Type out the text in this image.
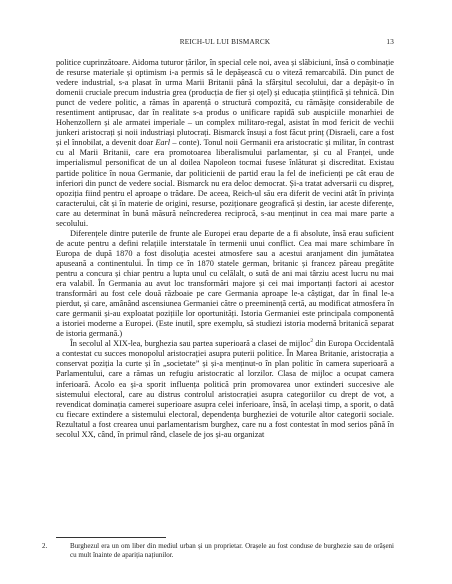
REICH-UL LUI BISMARCK	13

politice cuprinzătoare. Aidoma tuturor țărilor, în special cele noi, avea și slăbiciuni, însă o combinație de resurse materiale și optimism i-a permis să le depășească cu o viteză remarcabilă. Din punct de vedere industrial, s-a plasat în urma Marii Britanii până la sfârșitul secolului, dar a depășit-o în domenii cruciale precum industria grea (producția de fier și oțel) și educația științifică și tehnică. Din punct de vedere politic, a rămas în aparență o structură compozită, cu rămășițe considerabile de resentiment antiprusac, dar în realitate s-a produs o unificare rapidă sub auspiciile monarhiei de Hohenzollern și ale armatei imperiale – un complex militaro-regal, asistat în mod fericit de vechii junkeri aristocrați și noii industriași plutocrați. Bismarck însuși a fost făcut prinț (Disraeli, care a fost și el înnobilat, a devenit doar Earl – conte). Tonul noii Germanii era aristocratic și militar, în contrast cu al Marii Britanii, care era promotoarea liberalismului parlamentar, și cu al Franței, unde imperialismul personificat de un al doilea Napoleon tocmai fusese înlăturat și discreditat. Existau partide politice în noua Germanie, dar politicienii de partid erau la fel de ineficienți pe cât erau de inferiori din punct de vedere social. Bismarck nu era deloc democrat. Și-a tratat adversarii cu dispreț, opoziția fiind pentru el aproape o trădare. De aceea, Reich-ul său era diferit de vecini atât în privința caracterului, cât și în materie de origini, resurse, poziționare geografică și destin, iar aceste diferențe, care au determinat în bună măsură neîncrederea reciprocă, s-au menținut in cea mai mare parte a secolului.

Diferențele dintre puterile de frunte ale Europei erau departe de a fi absolute, însă erau suficient de acute pentru a defini relațiile interstatale în termenii unui conflict. Cea mai mare schimbare în Europa de după 1870 a fost disoluția acestei atmosfere sau a acestui aranjament din jumătatea apuseană a continentului. În timp ce în 1870 statele german, britanic și francez păreau pregătite pentru a concura și chiar pentru a lupta unul cu celălalt, o sută de ani mai târziu acest lucru nu mai era valabil. În Germania au avut loc transformări majore și cei mai importanți factori ai acestor transformări au fost cele două războaie pe care Germania aproape le-a câștigat, dar în final le-a pierdut, și care, amânând ascensiunea Germaniei către o preeminență certă, au modificat atmosfera în care germanii și-au exploatat pozițiile lor oportunități. Istoria Germaniei este principala componentă a istoriei moderne a Europei. (Este inutil, spre exemplu, să studiezi istoria modernă britanică separat de istoria germană.)

În secolul al XIX-lea, burghezia sau partea superioară a clasei de mijloc$^2$ din Europa Occidentală a contestat cu succes monopolul aristocrației asupra puterii politice. În Marea Britanie, aristocrația a conservat poziția la curte și în „societate” și și-a menținut-o în plan politic în camera superioară a Parlamentului, care a rămas un refugiu aristocratic al lorzilor. Clasa de mijloc a ocupat camera inferioară. Acolo ea și-a sporit influența politică prin promovarea unor extinderi succesive ale sistemului electoral, care au distrus controlul aristocrației asupra categoriilor cu drept de vot, a revendicat dominația camerei superioare asupra celei inferioare, însă, în același timp, a sporit, o dată cu fiecare extindere a sistemului electoral, dependența burgheziei de voturile altor categorii sociale. Rezultatul a fost crearea unui parlamentarism burghez, care nu a fost contestat în mod serios până în secolul XX, când, în primul rând, clasele de jos și-au organizat

2.	Burghezul era un om liber din mediul urban și un proprietar. Orașele au fost conduse de burghezie sau de orășeni cu mult înainte de apariția națiunilor.
